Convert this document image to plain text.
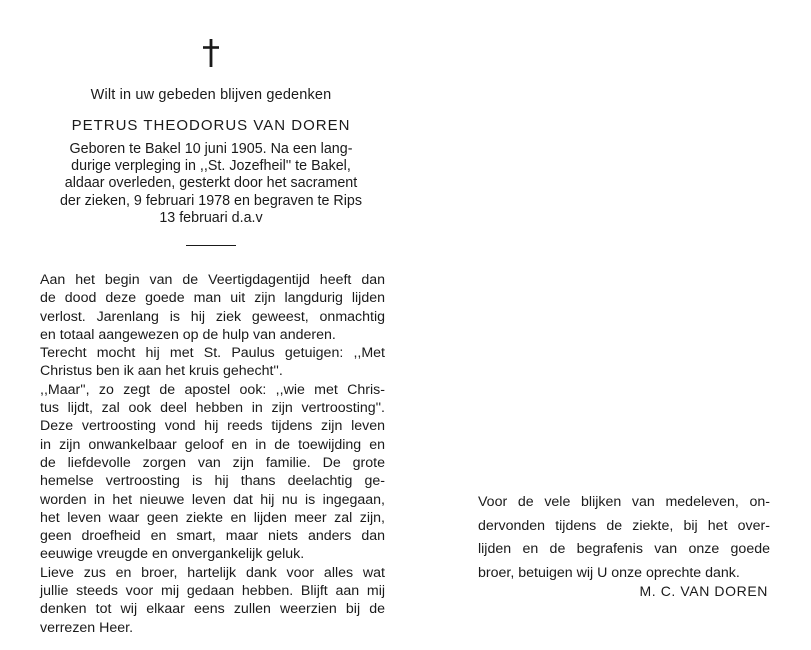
Wilt in uw gebeden blijven gedenken
PETRUS THEODORUS VAN DOREN
Geboren te Bakel 10 juni 1905. Na een lang-
durige verpleging in ,,St. Jozefheil'' te Bakel,
aldaar overleden, gesterkt door het sacrament
der zieken, 9 februari 1978 en begraven te Rips
13 februari d.a.v
Aan het begin van de Veertigdagentijd heeft dan
de dood deze goede man uit zijn langdurig lijden
verlost. Jarenlang is hij ziek geweest, onmachtig
en totaal aangewezen op de hulp van anderen.
Terecht mocht hij met St. Paulus getuigen: ,,Met
Christus ben ik aan het kruis gehecht''.
,,Maar'', zo zegt de apostel ook: ,,wie met Chris-
tus lijdt, zal ook deel hebben in zijn vertroosting''.
Deze vertroosting vond hij reeds tijdens zijn leven
in zijn onwankelbaar geloof en in de toewijding en
de liefdevolle zorgen van zijn familie. De grote
hemelse vertroosting is hij thans deelachtig ge-
worden in het nieuwe leven dat hij nu is ingegaan,
het leven waar geen ziekte en lijden meer zal zijn,
geen droefheid en smart, maar niets anders dan
eeuwige vreugde en onvergankelijk geluk.
Lieve zus en broer, hartelijk dank voor alles wat
jullie steeds voor mij gedaan hebben. Blijft aan mij
denken tot wij elkaar eens zullen weerzien bij de
verrezen Heer.
Voor de vele blijken van medeleven, on-
dervonden tijdens de ziekte, bij het over-
lijden en de begrafenis van onze goede
broer, betuigen wij U onze oprechte dank.
M. C. VAN DOREN
